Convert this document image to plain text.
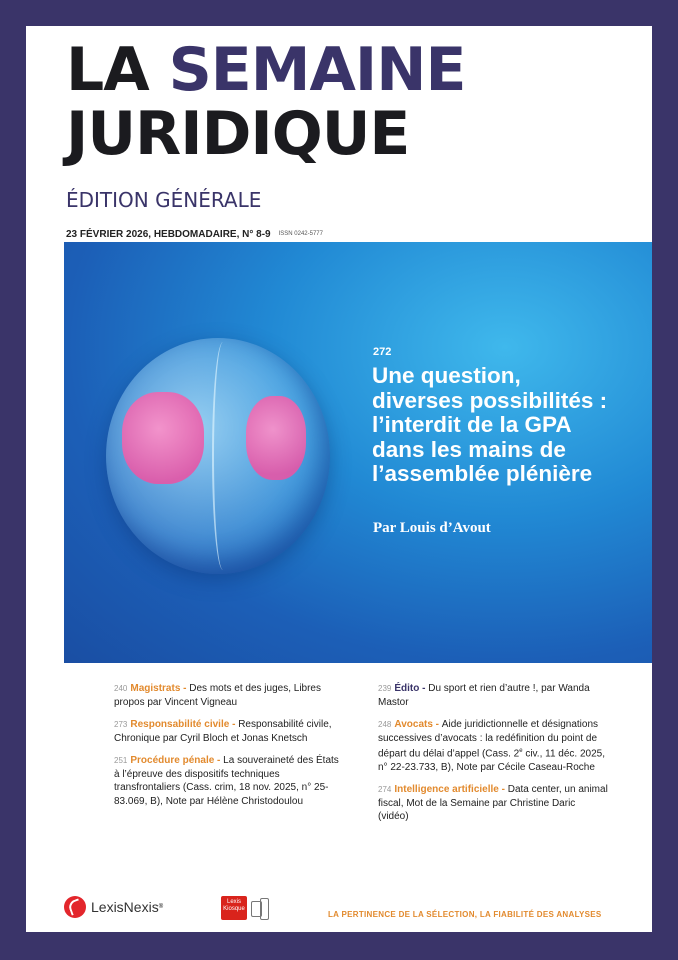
LA SEMAINE
JURIDIQUE
ÉDITION GÉNÉRALE
23 FÉVRIER 2026, HEBDOMADAIRE, N° 8-9 ISSN 0242-5777
272
Une question,
diverses possibilités :
l’interdit de la GPA
dans les mains de
l’assemblée plénière
Par Louis d’Avout
240 Magistrats - Des mots et des juges, Libres propos par Vincent Vigneau
273 Responsabilité civile - Responsabilité civile, Chronique par Cyril Bloch et Jonas Knetsch
251 Procédure pénale - La souveraineté des États à l’épreuve des dispositifs techniques transfrontaliers (Cass. crim, 18 nov. 2025, n° 25-83.069, B), Note par Hélène Christodoulou
239 Édito - Du sport et rien d’autre !, par Wanda Mastor
248 Avocats - Aide juridictionnelle et désignations successives d’avocats : la redéfinition du point de départ du délai d’appel (Cass. 2e civ., 11 déc. 2025, n° 22-23.733, B), Note par Cécile Caseau-Roche
274 Intelligence artificielle - Data center, un animal fiscal, Mot de la Semaine par Christine Daric (vidéo)
LexisNexis ®
Lexis
Kiosque
LA PERTINENCE DE LA SÉLECTION, LA FIABILITÉ DES ANALYSES
